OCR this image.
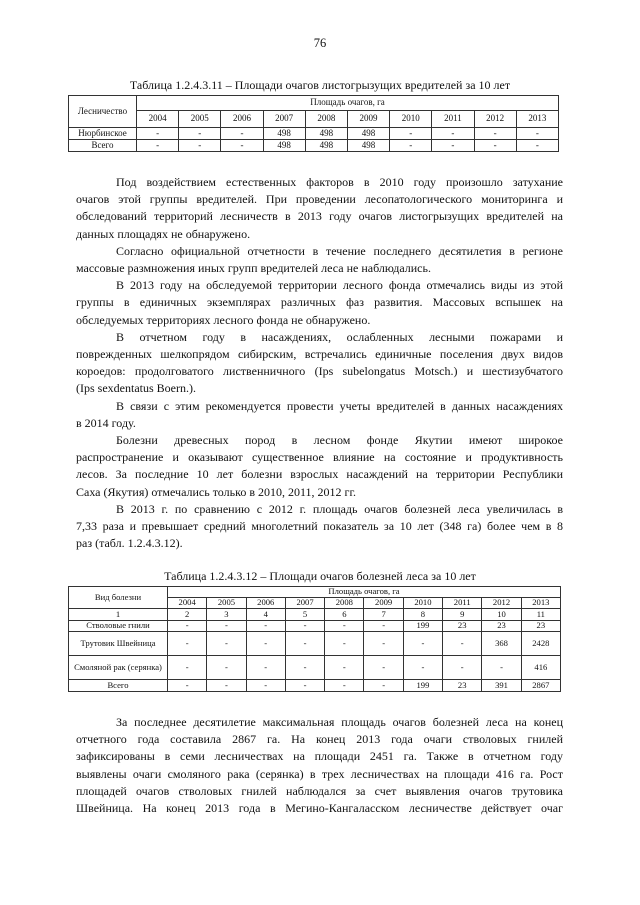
76
Таблица 1.2.4.3.11 – Площади очагов листогрызущих вредителей за 10 лет
Лесничество	Площадь очагов, га									
	2004	2005	2006	2007	2008	2009	2010	2011	2012	2013
Нюрбинское	-	-	-	498	498	498	-	-	-	-
Всего	-	-	-	498	498	498	-	-	-	-
Под воздействием естественных факторов в 2010 году произошло затухание
очагов этой группы вредителей. При проведении лесопатологического мониторинга и
обследований территорий лесничеств в 2013 году очагов листогрызущих вредителей на
данных площадях не обнаружено.
Согласно официальной отчетности в течение последнего десятилетия в регионе
массовые размножения иных групп вредителей леса не наблюдались.
В 2013 году на обследуемой территории лесного фонда отмечались виды из этой
группы в единичных экземплярах различных фаз развития. Массовых вспышек на
обследуемых территориях лесного фонда не обнаружено.
В отчетном году в насаждениях, ослабленных лесными пожарами и
поврежденных шелкопрядом сибирским, встречались единичные поселения двух видов
короедов: продолговатого лиственничного (Ips subelongatus Motsch.) и шестизубчатого
(Ips sexdentatus Boern.).
В связи с этим рекомендуется провести учеты вредителей в данных насаждениях
в 2014 году.
Болезни древесных пород в лесном фонде Якутии имеют широкое
распространение и оказывают существенное влияние на состояние и продуктивность
лесов. За последние 10 лет болезни взрослых насаждений на территории Республики
Саха (Якутия) отмечались только в 2010, 2011, 2012 гг.
В 2013 г. по сравнению с 2012 г. площадь очагов болезней леса увеличилась в
7,33 раза и превышает средний многолетний показатель за 10 лет (348 га) более чем в 8
раз (табл. 1.2.4.3.12).
Таблица 1.2.4.3.12 – Площади очагов болезней леса за 10 лет
Вид болезни	Площадь очагов, га									
	2004	2005	2006	2007	2008	2009	2010	2011	2012	2013
1	2	3	4	5	6	7	8	9	10	11
Стволовые гнили	-	-	-	-	-	-	199	23	23	23
Трутовик Швейница	-	-	-	-	-	-	-	-	368	2428
Смоляной рак (серянка)	-	-	-	-	-	-	-	-	-	416
Всего	-	-	-	-	-	-	199	23	391	2867
За последнее десятилетие максимальная площадь очагов болезней леса на конец
отчетного года составила 2867 га. На конец 2013 года очаги стволовых гнилей
зафиксированы в семи лесничествах на площади 2451 га. Также в отчетном году
выявлены очаги смоляного рака (серянка) в трех лесничествах на площади 416 га. Рост
площадей очагов стволовых гнилей наблюдался за счет выявления очагов трутовика
Швейница. На конец 2013 года в Мегино-Кангаласском лесничестве действует очаг
